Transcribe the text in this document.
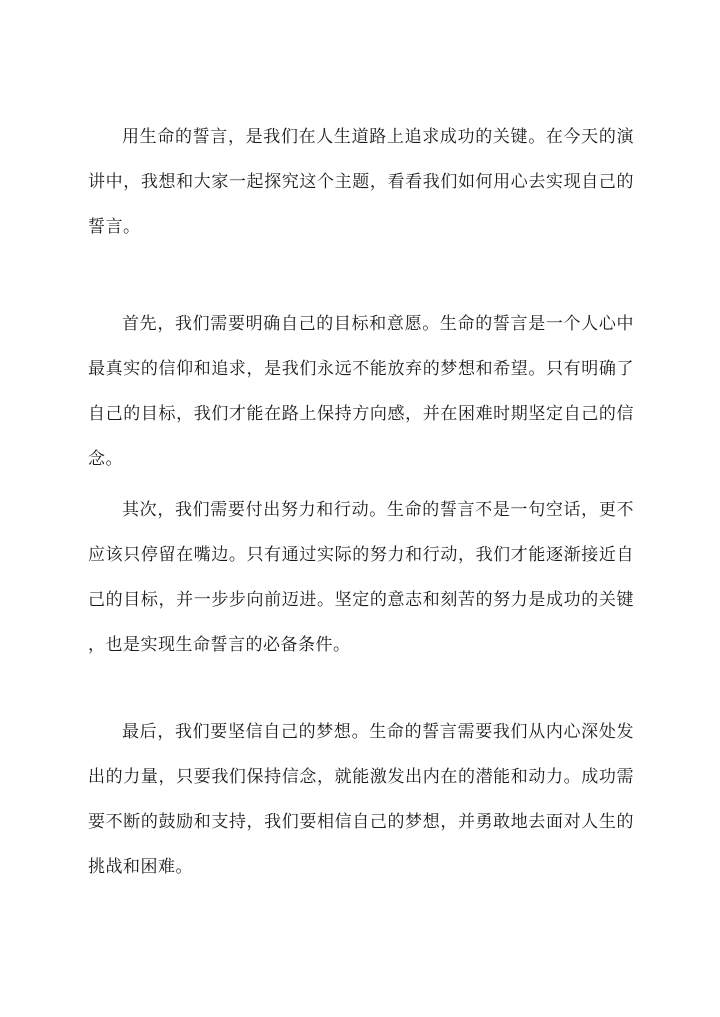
用生命的誓言，是我们在人生道路上追求成功的关键。在今天的演讲中，我想和大家一起探究这个主题，看看我们如何用心去实现自己的誓言。

首先，我们需要明确自己的目标和意愿。生命的誓言是一个人心中最真实的信仰和追求，是我们永远不能放弃的梦想和希望。只有明确了自己的目标，我们才能在路上保持方向感，并在困难时期坚定自己的信念。

其次，我们需要付出努力和行动。生命的誓言不是一句空话，更不应该只停留在嘴边。只有通过实际的努力和行动，我们才能逐渐接近自己的目标，并一步步向前迈进。坚定的意志和刻苦的努力是成功的关键，也是实现生命誓言的必备条件。

最后，我们要坚信自己的梦想。生命的誓言需要我们从内心深处发出的力量，只要我们保持信念，就能激发出内在的潜能和动力。成功需要不断的鼓励和支持，我们要相信自己的梦想，并勇敢地去面对人生的挑战和困难。
